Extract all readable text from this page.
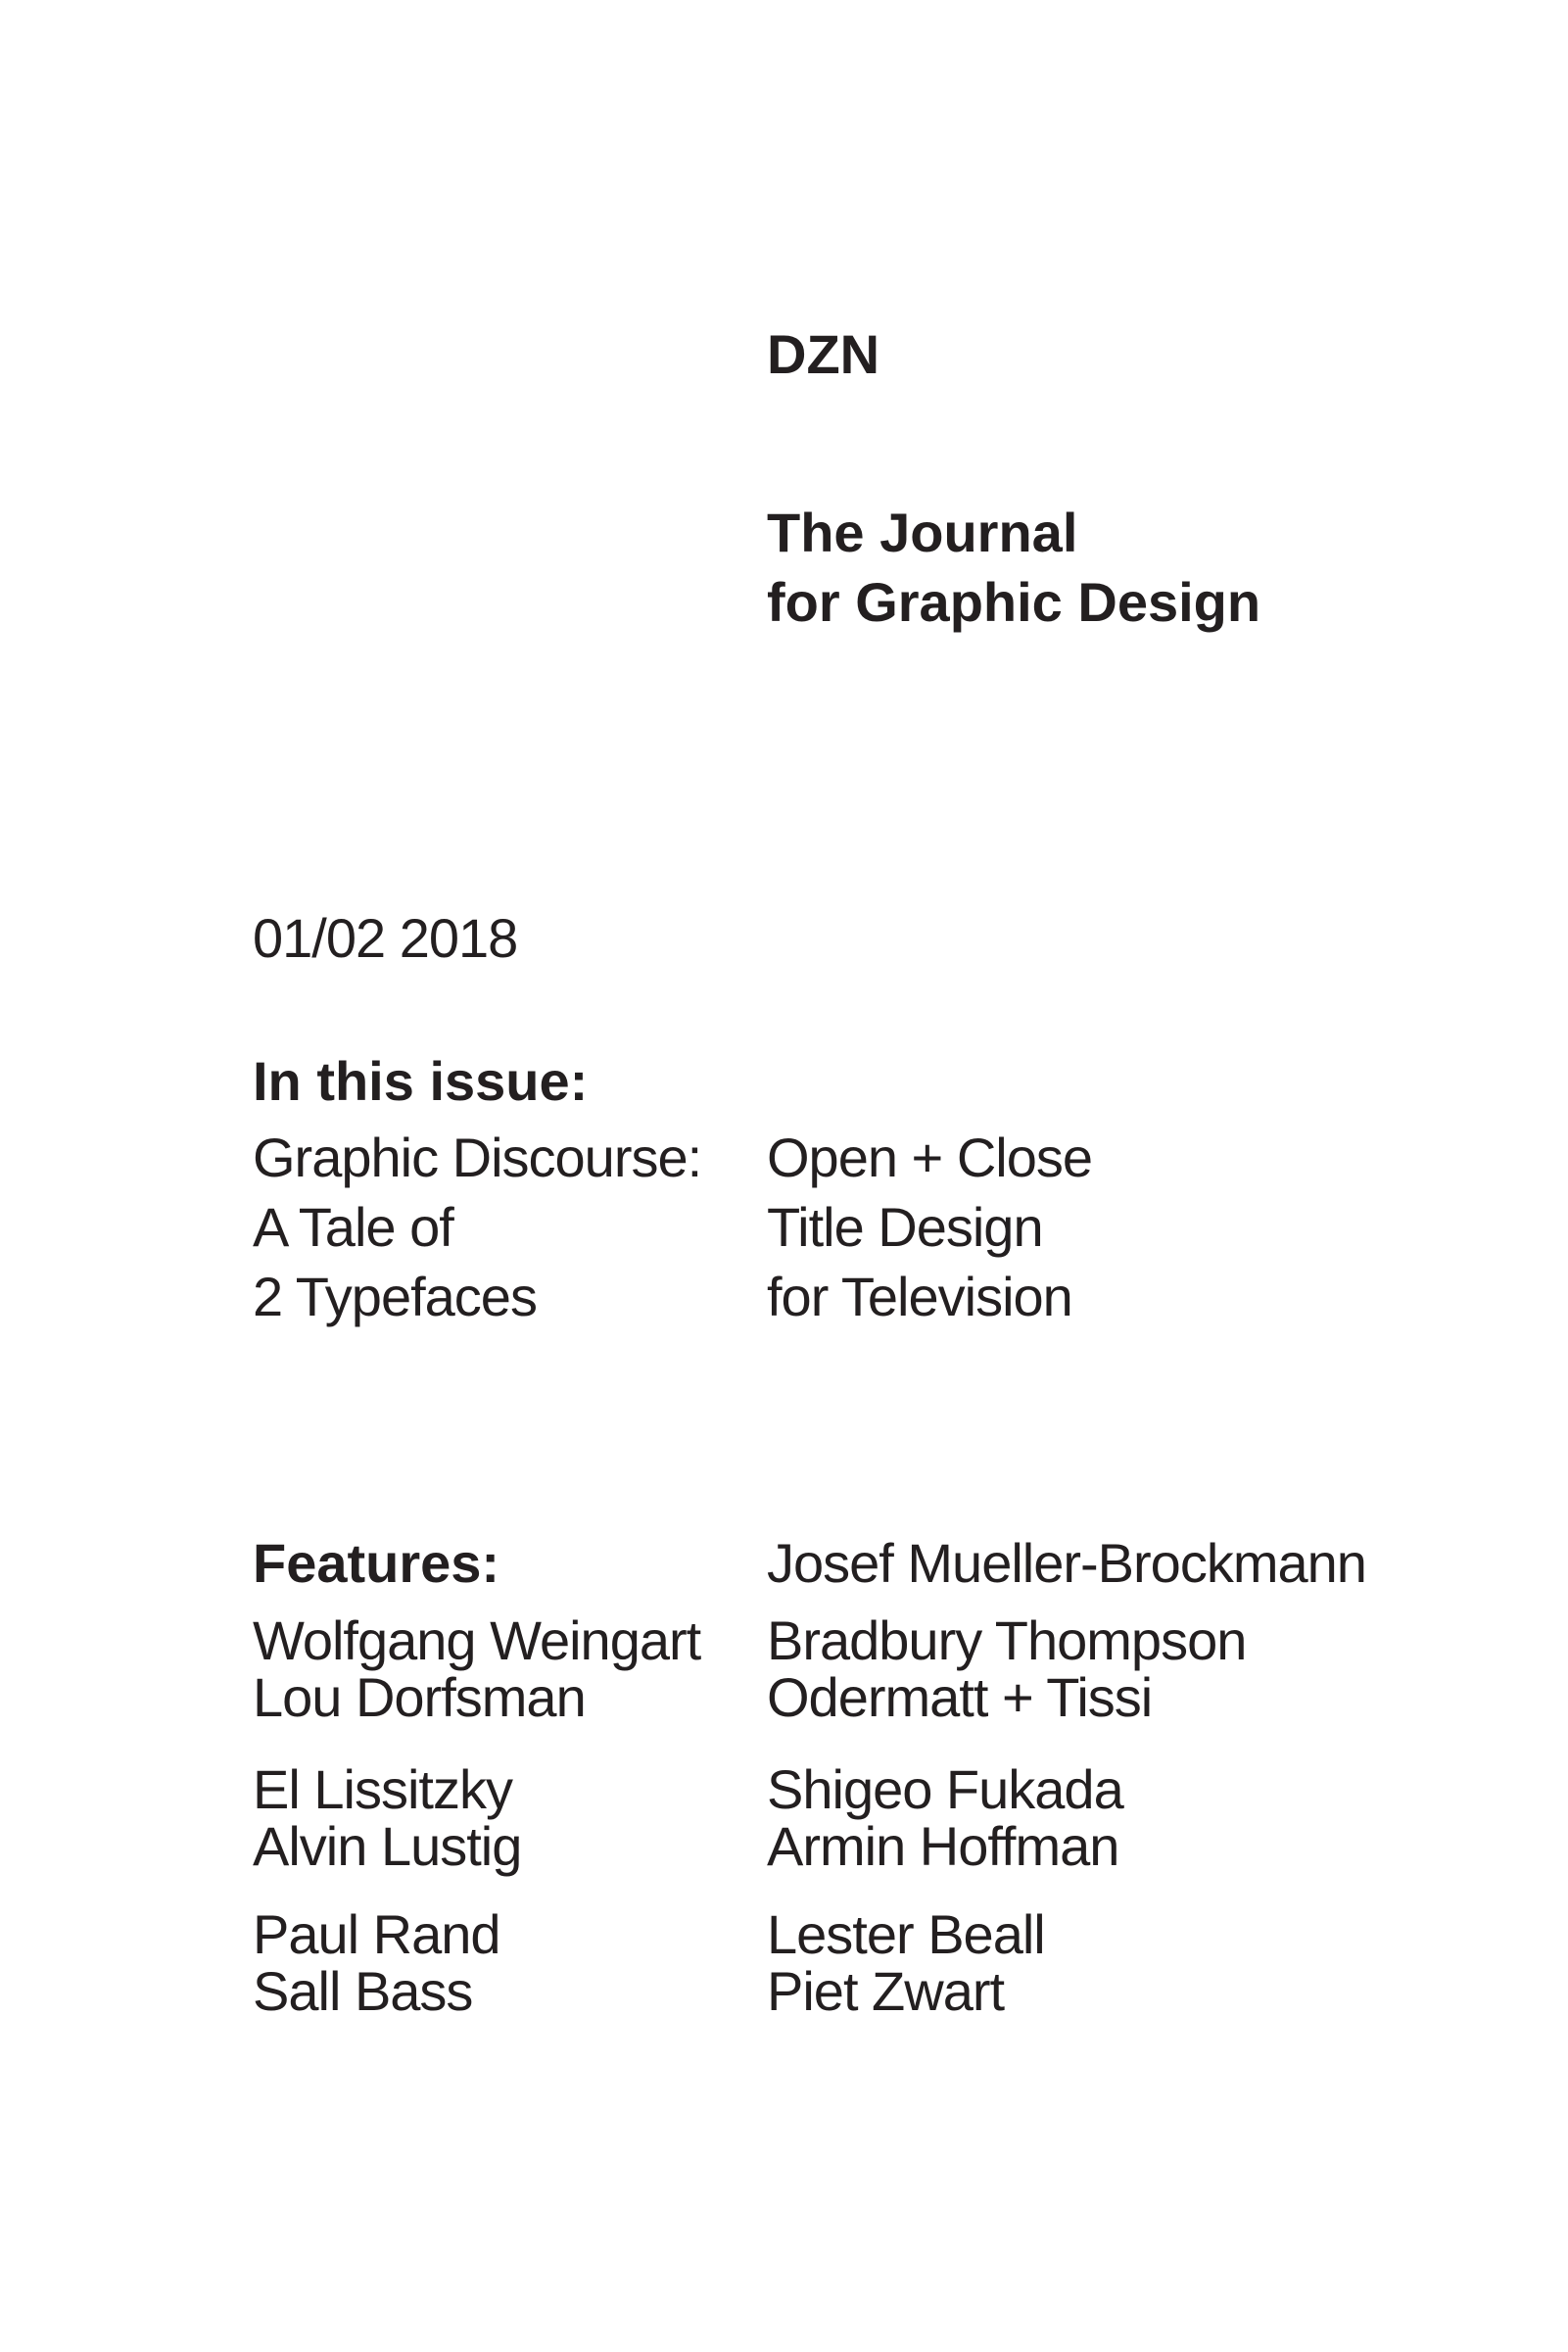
DZN
The Journal
for Graphic Design
01/02 2018
In this issue:
Graphic Discourse:
A Tale of
2 Typefaces
Open + Close
Title Design
for Television
Features:	Josef Mueller-Brockmann
Wolfgang Weingart
Lou Dorfsman
Bradbury Thompson
Odermatt + Tissi
El Lissitzky
Alvin Lustig
Shigeo Fukada
Armin Hoffman
Paul Rand
Sall Bass
Lester Beall
Piet Zwart
